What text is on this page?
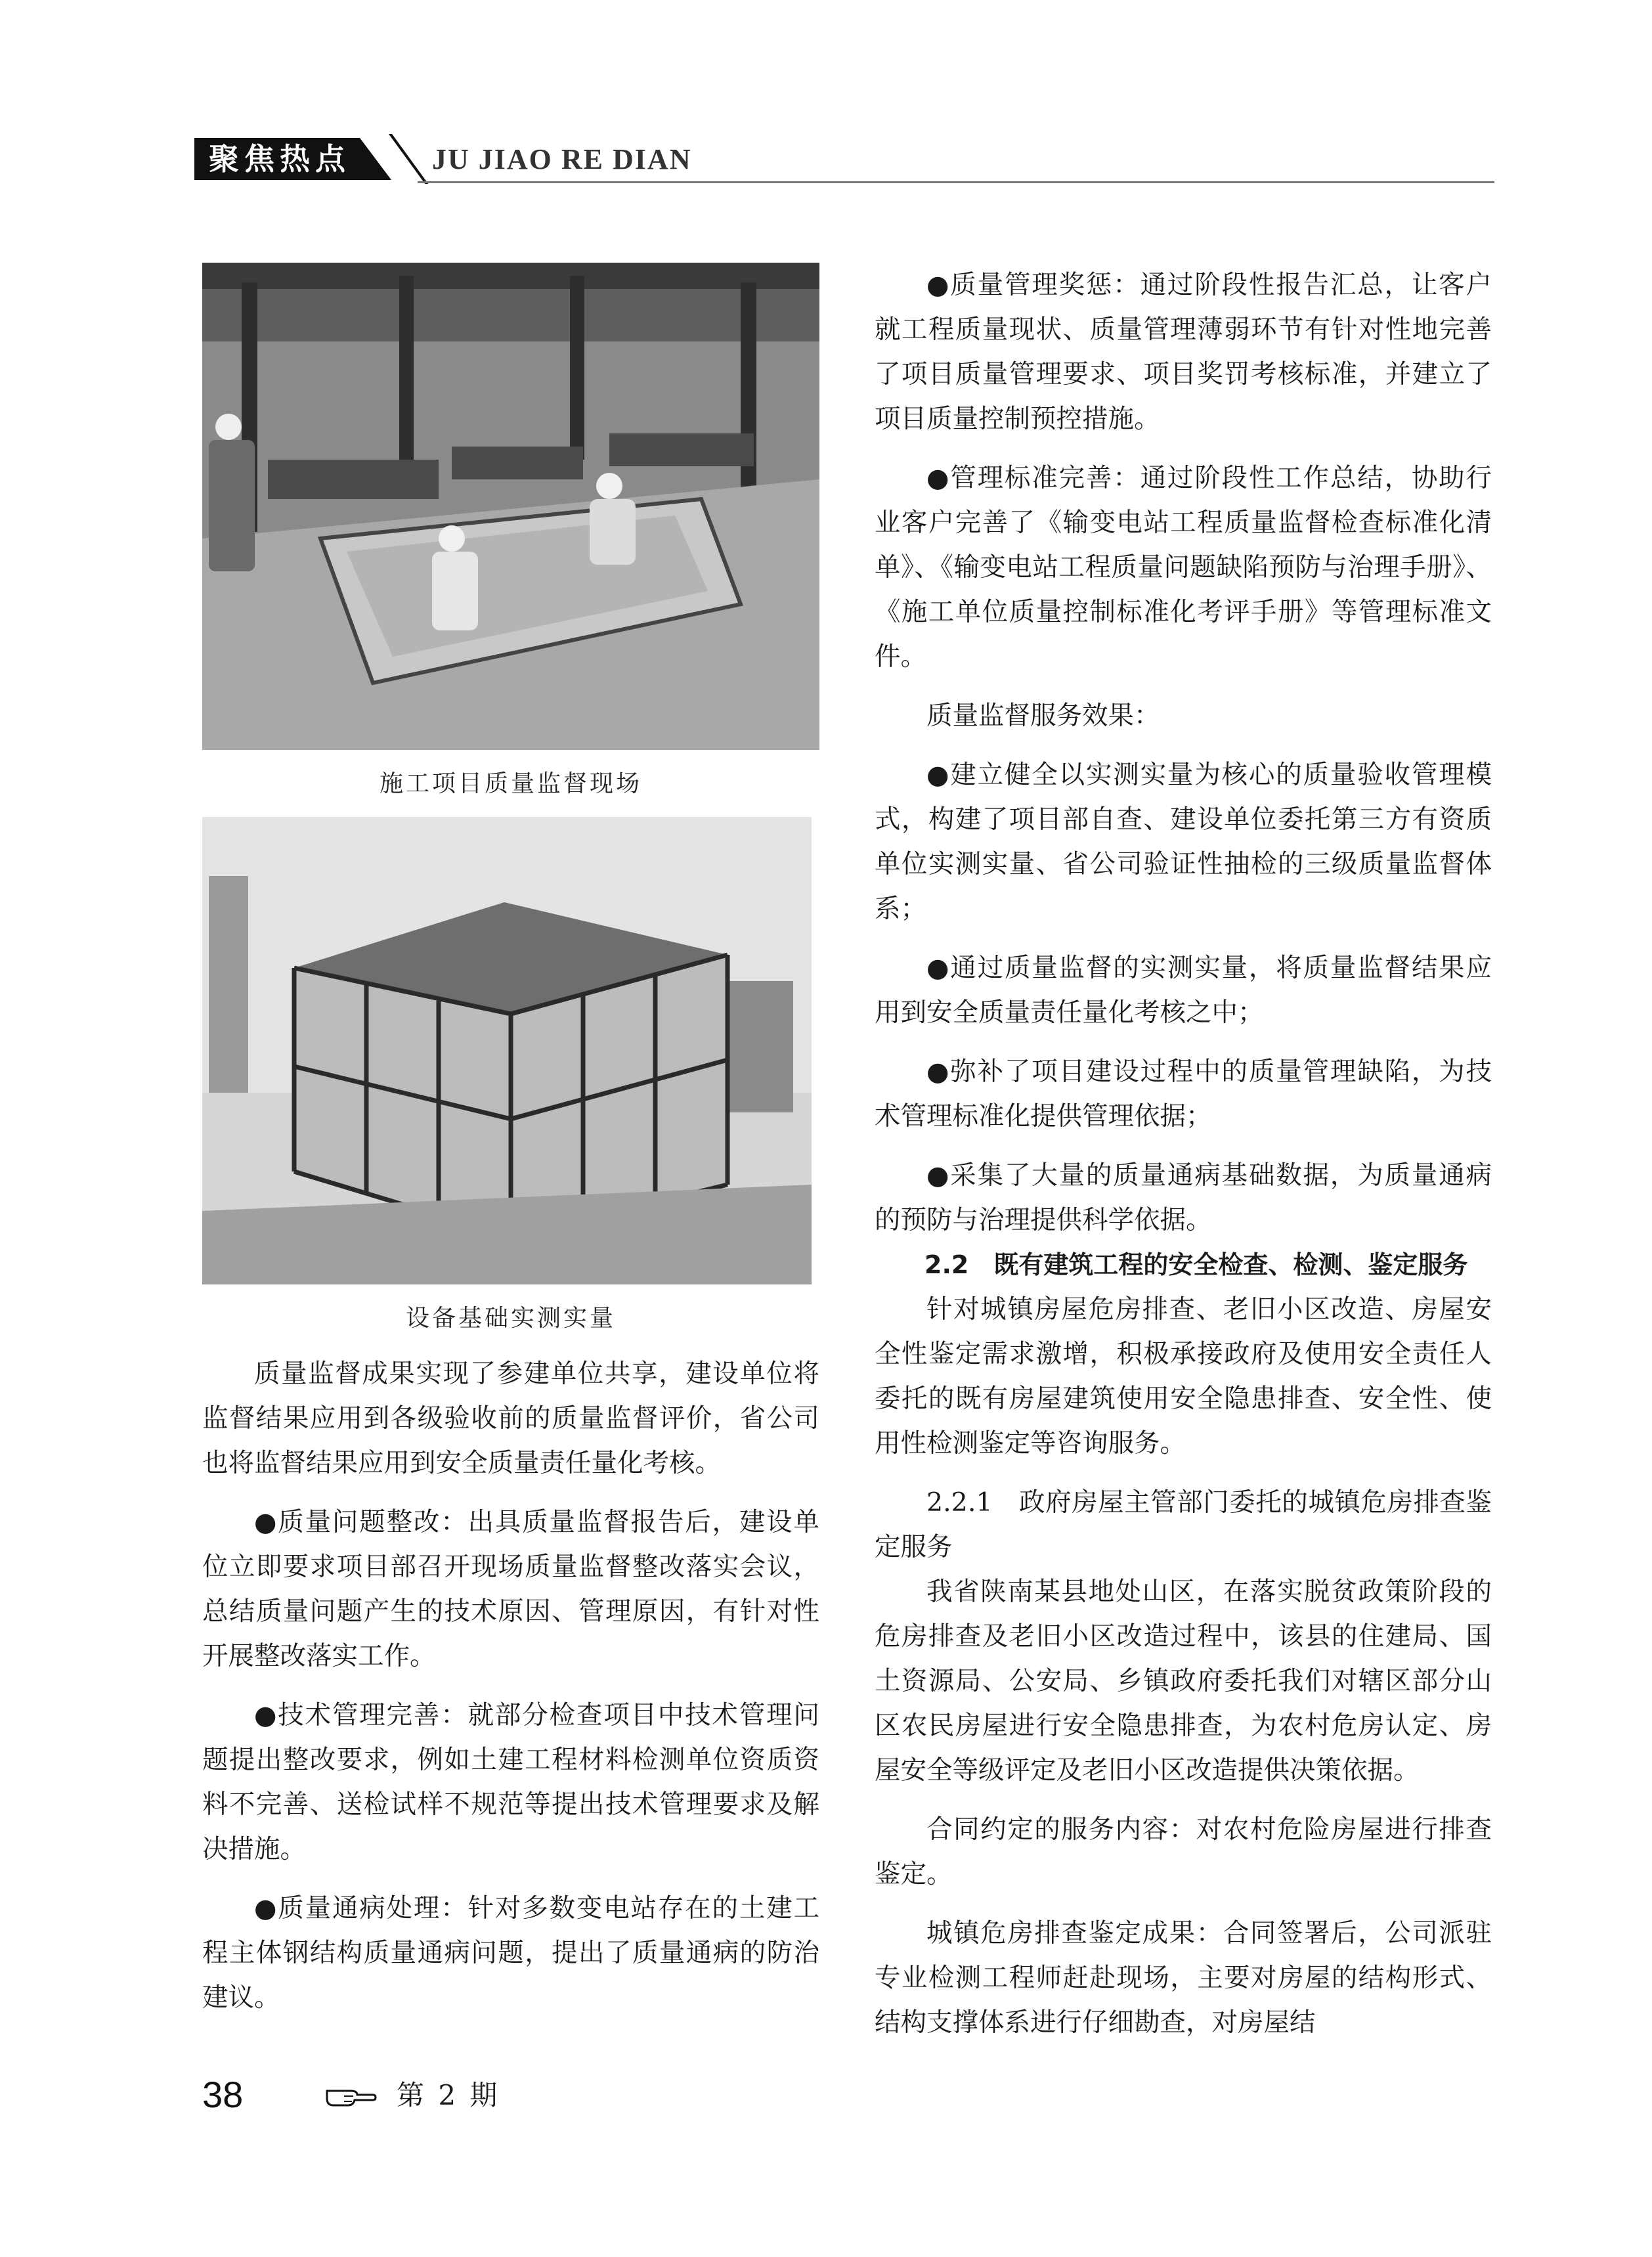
聚焦热点	JU JIAO RE DIAN
施工项目质量监督现场
设备基础实测实量

质量监督成果实现了参建单位共享，建设单位将监督结果应用到各级验收前的质量监督评价，省公司也将监督结果应用到安全质量责任量化考核。

●质量问题整改：出具质量监督报告后，建设单位立即要求项目部召开现场质量监督整改落实会议，总结质量问题产生的技术原因、管理原因，有针对性开展整改落实工作。

●技术管理完善：就部分检查项目中技术管理问题提出整改要求，例如土建工程材料检测单位资质资料不完善、送检试样不规范等提出技术管理要求及解决措施。

●质量通病处理：针对多数变电站存在的土建工程主体钢结构质量通病问题，提出了质量通病的防治建议。

●质量管理奖惩：通过阶段性报告汇总，让客户就工程质量现状、质量管理薄弱环节有针对性地完善了项目质量管理要求、项目奖罚考核标准，并建立了项目质量控制预控措施。

●管理标准完善：通过阶段性工作总结，协助行业客户完善了《输变电站工程质量监督检查标准化清单》、《输变电站工程质量问题缺陷预防与治理手册》、《施工单位质量控制标准化考评手册》等管理标准文件。

质量监督服务效果：

●建立健全以实测实量为核心的质量验收管理模式，构建了项目部自查、建设单位委托第三方有资质单位实测实量、省公司验证性抽检的三级质量监督体系；

●通过质量监督的实测实量，将质量监督结果应用到安全质量责任量化考核之中；

●弥补了项目建设过程中的质量管理缺陷，为技术管理标准化提供管理依据；

●采集了大量的质量通病基础数据，为质量通病的预防与治理提供科学依据。

2.2　既有建筑工程的安全检查、检测、鉴定服务

针对城镇房屋危房排查、老旧小区改造、房屋安全性鉴定需求激增，积极承接政府及使用安全责任人委托的既有房屋建筑使用安全隐患排查、安全性、使用性检测鉴定等咨询服务。

2.2.1　政府房屋主管部门委托的城镇危房排查鉴定服务

我省陕南某县地处山区，在落实脱贫政策阶段的危房排查及老旧小区改造过程中，该县的住建局、国土资源局、公安局、乡镇政府委托我们对辖区部分山区农民房屋进行安全隐患排查，为农村危房认定、房屋安全等级评定及老旧小区改造提供决策依据。

合同约定的服务内容：对农村危险房屋进行排查鉴定。

城镇危房排查鉴定成果：合同签署后，公司派驻专业检测工程师赶赴现场，主要对房屋的结构形式、结构支撑体系进行仔细勘查，对房屋结

38	第 2 期
